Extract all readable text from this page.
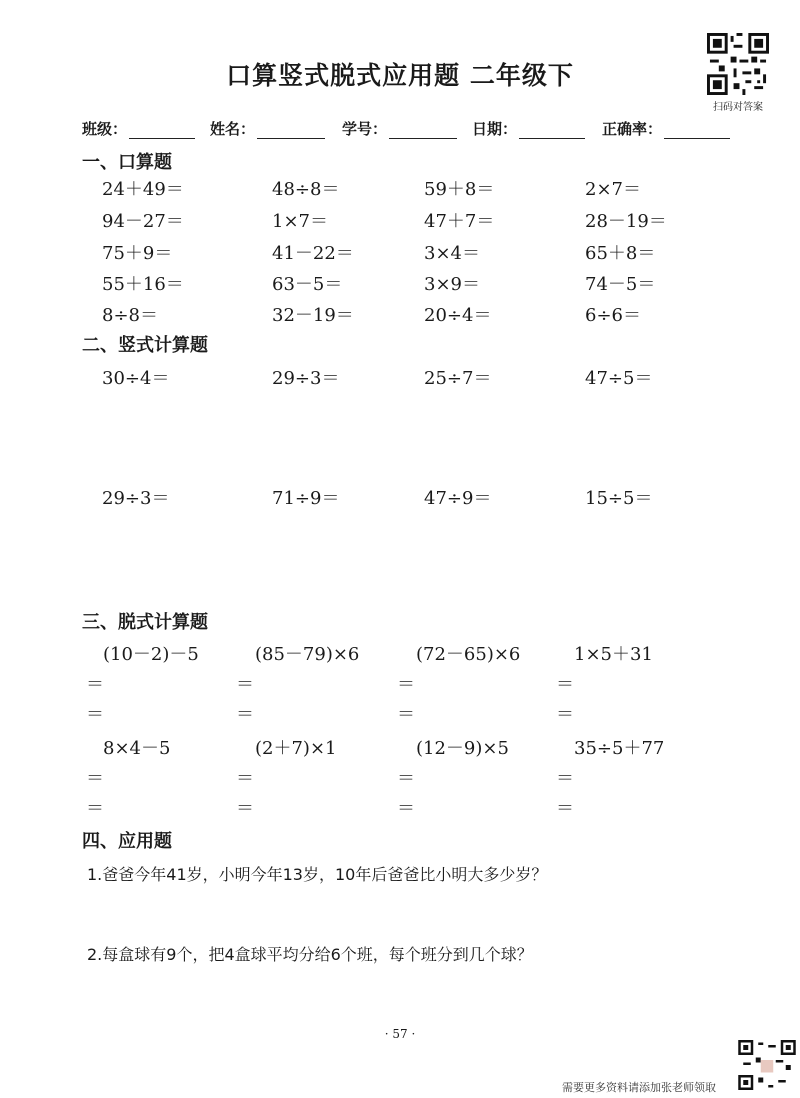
口算竖式脱式应用题 二年级下
扫码对答案
班级：	姓名：	学号：	日期：	正确率：
一、口算题
24＋49＝	48÷8＝	59＋8＝	2×7＝
94－27＝	1×7＝	47＋7＝	28－19＝
75＋9＝	41－22＝	3×4＝	65＋8＝
55＋16＝	63－5＝	3×9＝	74－5＝
8÷8＝	32－19＝	20÷4＝	6÷6＝
二、竖式计算题
30÷4＝	29÷3＝	25÷7＝	47÷5＝
29÷3＝	71÷9＝	47÷9＝	15÷5＝
三、脱式计算题
(10－2)－5	(85－79)×6	(72－65)×6	1×5＋31
＝	＝	＝	＝
＝	＝	＝	＝
8×4－5	(2＋7)×1	(12－9)×5	35÷5＋77
＝	＝	＝	＝
＝	＝	＝	＝
四、应用题
1.爸爸今年41岁，小明今年13岁，10年后爸爸比小明大多少岁？
2.每盒球有9个，把4盒球平均分给6个班，每个班分到几个球？
· 57 ·
需要更多资料请添加张老师领取
